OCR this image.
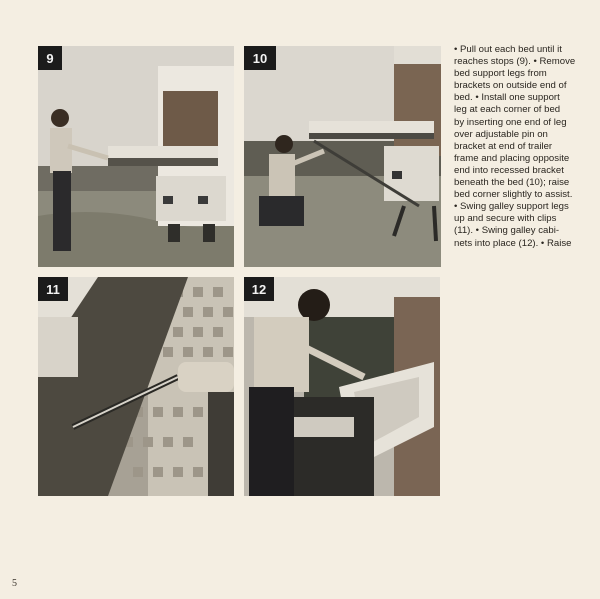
9	10
11	12
• Pull out each bed until it
reaches stops (9). • Remove
bed support legs from
brackets on outside end of
bed. • Install one support
leg at each corner of bed
by inserting one end of leg
over adjustable pin on
bracket at end of trailer
frame and placing opposite
end into recessed bracket
beneath the bed (10); raise
bed corner slightly to assist.
• Swing galley support legs
up and secure with clips
(11). • Swing galley cabi-
nets into place (12). • Raise
5
